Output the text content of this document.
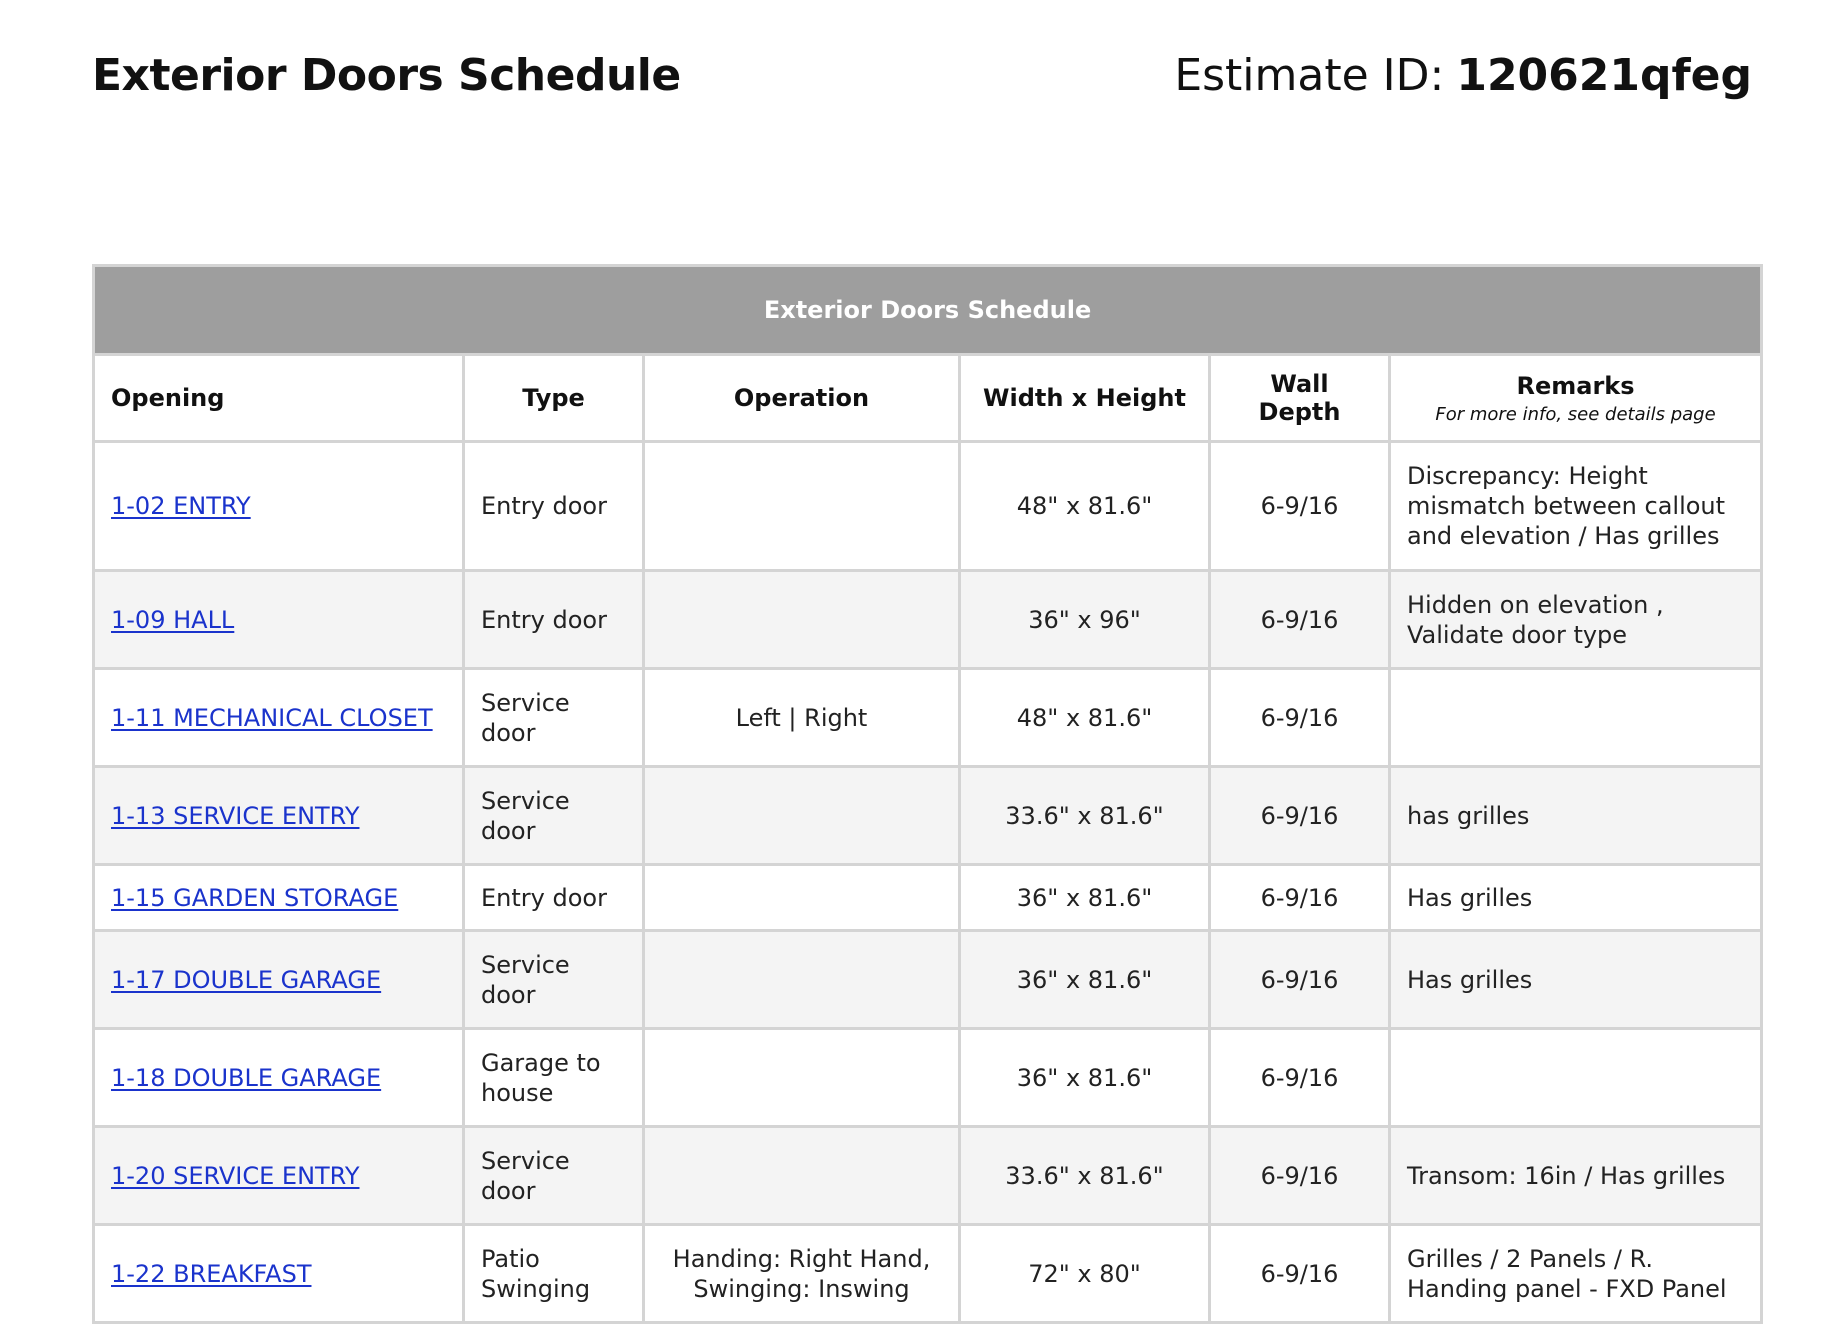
Exterior Doors Schedule	Estimate ID: 120621qfeg
Exterior Doors Schedule					
Opening	Type	Operation	Width x Height	Wall Depth	Remarks
For more info, see details page

1-02 ENTRY	Entry door		48" x 81.6"	6-9/16	Discrepancy: Height mismatch between callout and elevation / Has grilles
1-09 HALL	Entry door		36" x 96"	6-9/16	Hidden on elevation , Validate door type
1-11 MECHANICAL CLOSET	Service door	Left | Right	48" x 81.6"	6-9/16	
1-13 SERVICE ENTRY	Service door		33.6" x 81.6"	6-9/16	has grilles
1-15 GARDEN STORAGE	Entry door		36" x 81.6"	6-9/16	Has grilles
1-17 DOUBLE GARAGE	Service door		36" x 81.6"	6-9/16	Has grilles
1-18 DOUBLE GARAGE	Garage to house		36" x 81.6"	6-9/16	
1-20 SERVICE ENTRY	Service door		33.6" x 81.6"	6-9/16	Transom: 16in / Has grilles
1-22 BREAKFAST	Patio Swinging	Handing: Right Hand, Swinging: Inswing	72" x 80"	6-9/16	Grilles / 2 Panels / R. Handing panel - FXD Panel
